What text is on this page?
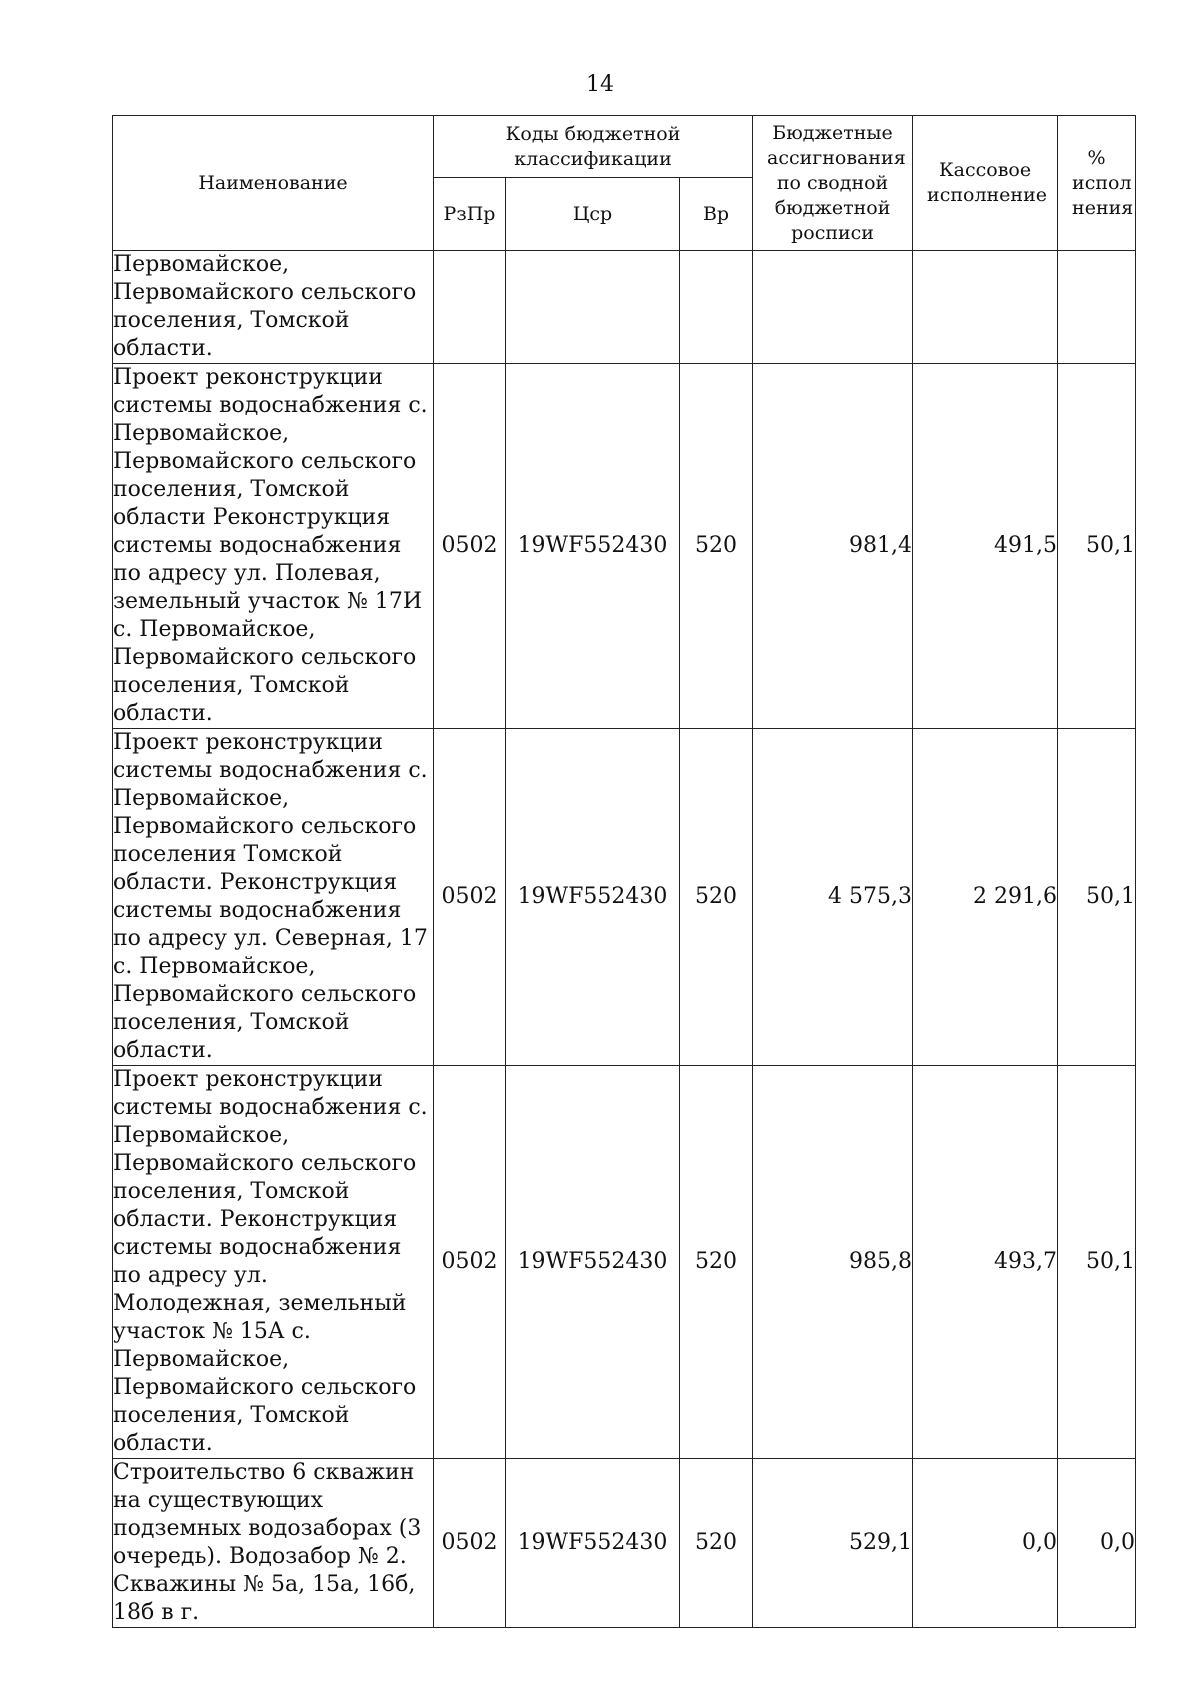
14
Наименование	Коды бюджетной классификации			Бюджетные ассигнования по сводной бюджетной росписи	Кассовое исполнение	% испол нения

	РзПр	Цср	Вр			
Первомайское, Первомайского сельского поселения, Томской области.						
Проект реконструкции системы водоснабжения с. Первомайское, Первомайского сельского поселения, Томской области Реконструкция системы водоснабжения по адресу ул. Полевая, земельный участок № 17И с. Первомайское, Первомайского сельского поселения, Томской области.	0502	19WF552430	520	981,4	491,5	50,1
Проект реконструкции системы водоснабжения с. Первомайское, Первомайского сельского поселения Томской области. Реконструкция системы водоснабжения по адресу ул. Северная, 17 с. Первомайское, Первомайского сельского поселения, Томской области.	0502	19WF552430	520	4 575,3	2 291,6	50,1
Проект реконструкции системы водоснабжения с. Первомайское, Первомайского сельского поселения, Томской области. Реконструкция системы водоснабжения по адресу ул. Молодежная, земельный участок № 15А с. Первомайское, Первомайского сельского поселения, Томской области.	0502	19WF552430	520	985,8	493,7	50,1
Строительство 6 скважин на существующих подземных водозаборах (3 очередь). Водозабор № 2. Скважины № 5а, 15а, 16б, 18б в г.	0502	19WF552430	520	529,1	0,0	0,0
